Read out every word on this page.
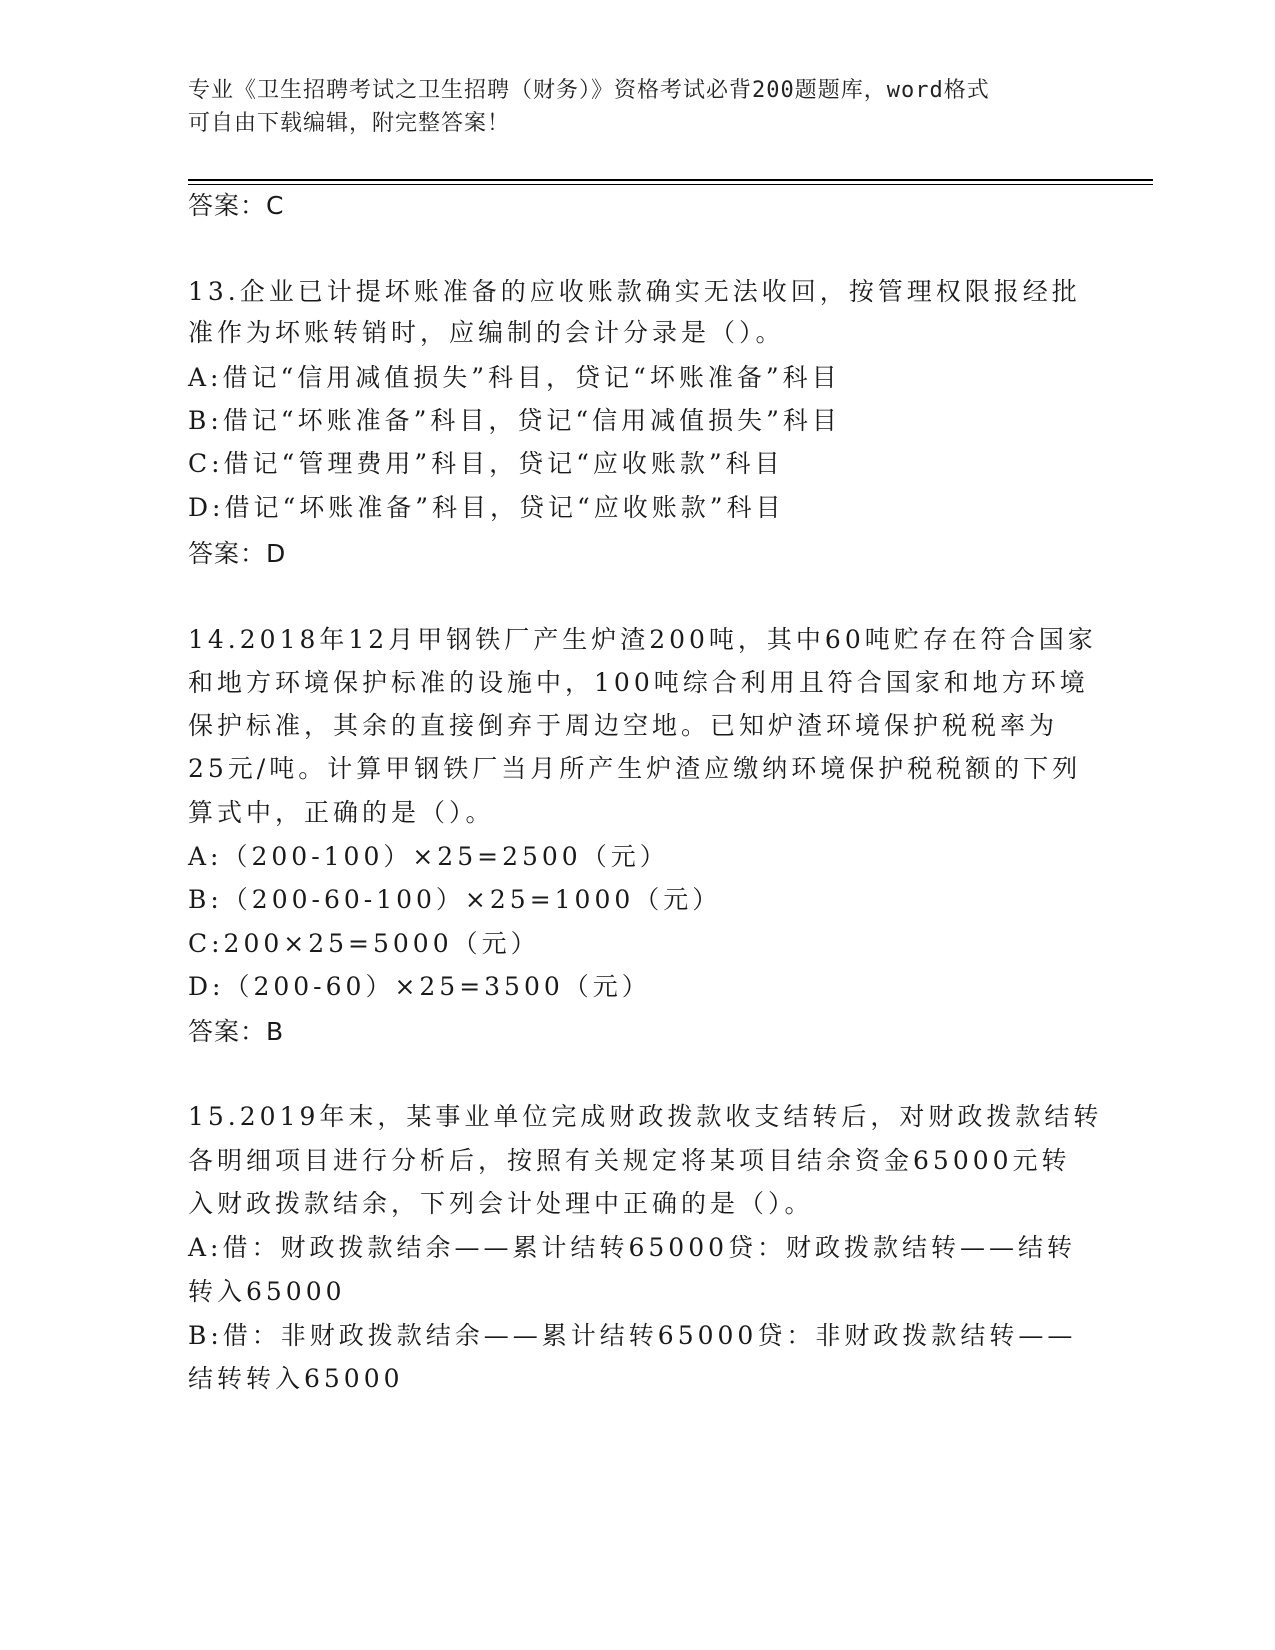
专业《卫生招聘考试之卫生招聘（财务）》资格考试必背200题题库，word格式
可自由下载编辑，附完整答案！
答案：C
13.企业已计提坏账准备的应收账款确实无法收回，按管理权限报经批
准作为坏账转销时，应编制的会计分录是（）。
A:借记“信用减值损失”科目，贷记“坏账准备”科目
B:借记“坏账准备”科目，贷记“信用减值损失”科目
C:借记“管理费用”科目，贷记“应收账款”科目
D:借记“坏账准备”科目，贷记“应收账款”科目
答案：D
14.2018年12月甲钢铁厂产生炉渣200吨，其中60吨贮存在符合国家
和地方环境保护标准的设施中，100吨综合利用且符合国家和地方环境
保护标准，其余的直接倒弃于周边空地。已知炉渣环境保护税税率为
25元/吨。计算甲钢铁厂当月所产生炉渣应缴纳环境保护税税额的下列
算式中，正确的是（）。
A:（200-100）×25=2500（元）
B:（200-60-100）×25=1000（元）
C:200×25=5000（元）
D:（200-60）×25=3500（元）
答案：B
15.2019年末，某事业单位完成财政拨款收支结转后，对财政拨款结转
各明细项目进行分析后，按照有关规定将某项目结余资金65000元转
入财政拨款结余，下列会计处理中正确的是（）。
A:借：财政拨款结余——累计结转65000贷：财政拨款结转——结转
转入65000
B:借：非财政拨款结余——累计结转65000贷：非财政拨款结转——
结转转入65000
